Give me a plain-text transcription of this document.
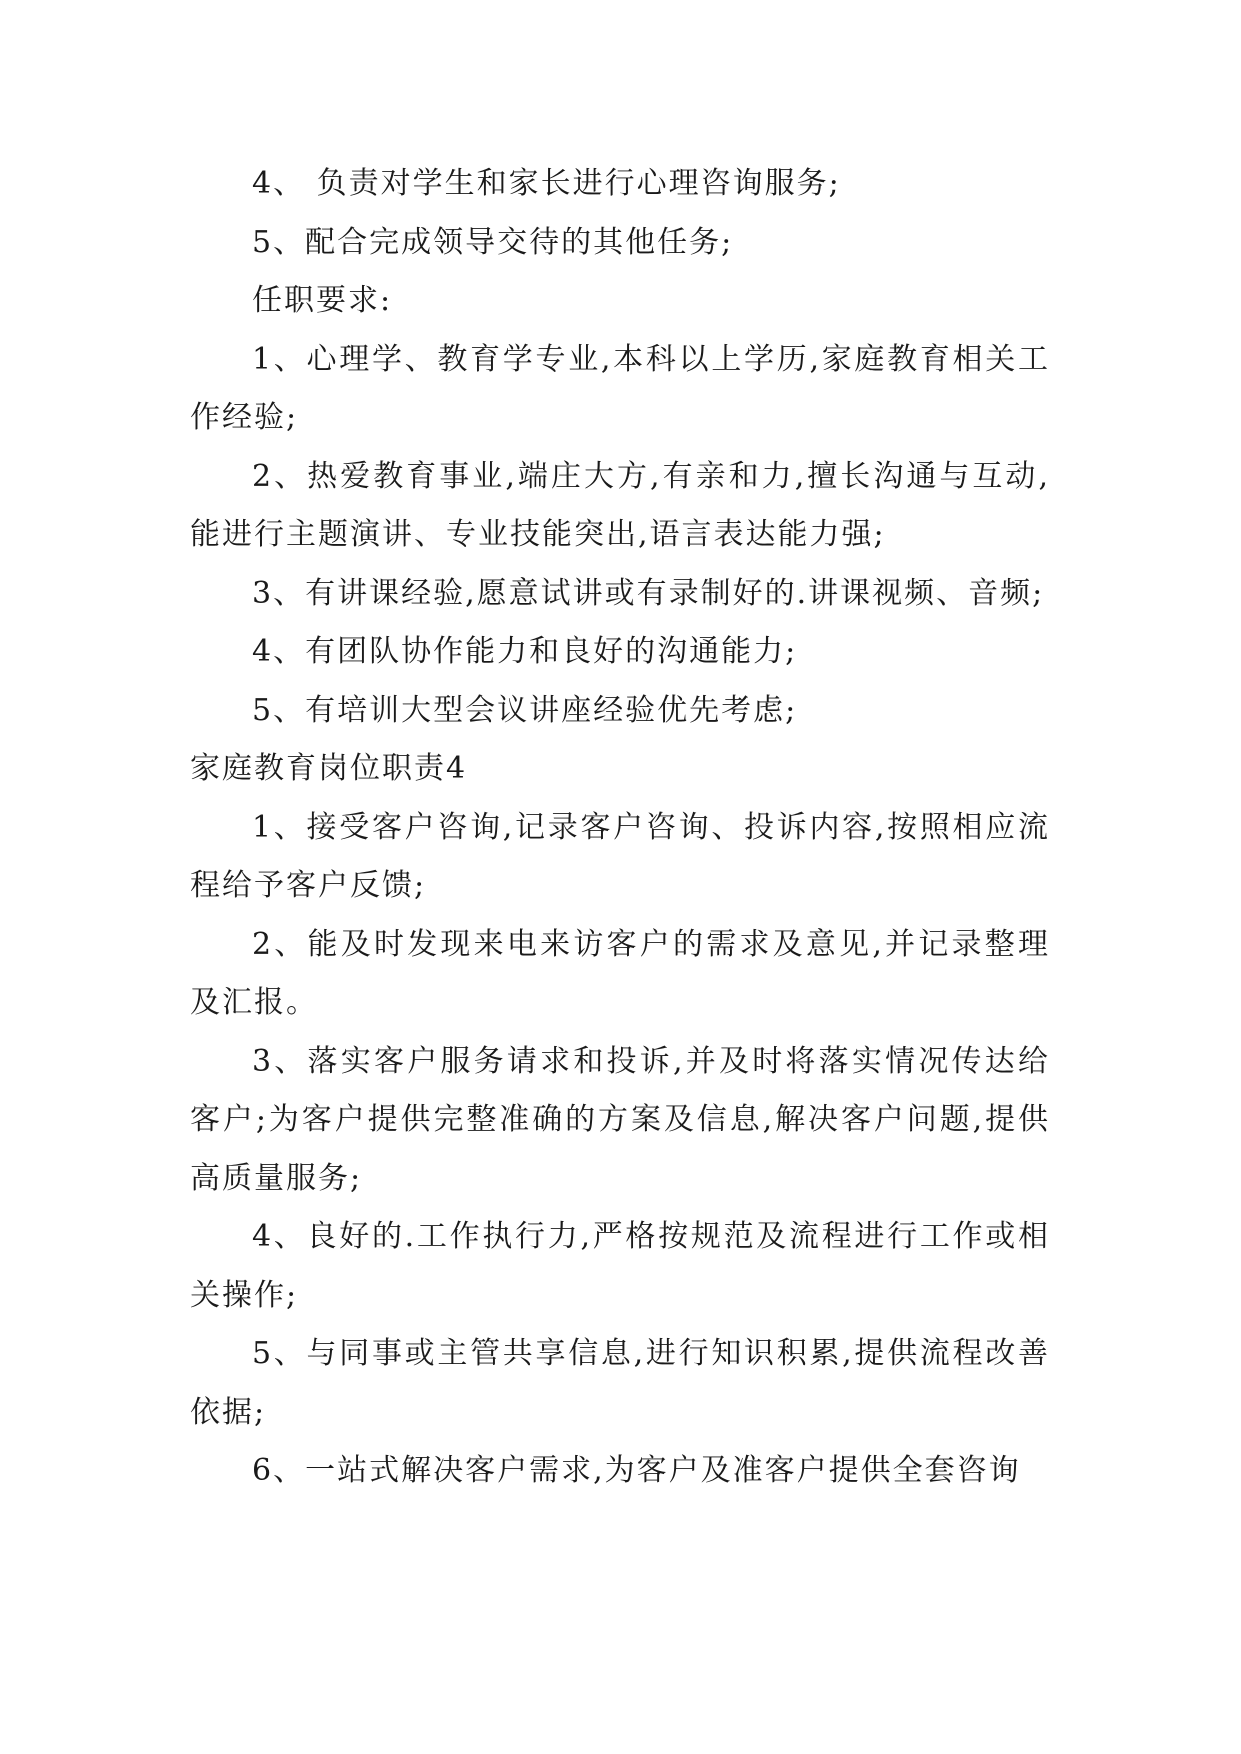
4、 负责对学生和家长进行心理咨询服务;

5、配合完成领导交待的其他任务;

任职要求:

1、心理学、教育学专业,本科以上学历,家庭教育相关工作经验;

2、热爱教育事业,端庄大方,有亲和力,擅长沟通与互动,能进行主题演讲、专业技能突出,语言表达能力强;

3、有讲课经验,愿意试讲或有录制好的.讲课视频、音频;

4、有团队协作能力和良好的沟通能力;

5、有培训大型会议讲座经验优先考虑;

家庭教育岗位职责4

1、接受客户咨询,记录客户咨询、投诉内容,按照相应流程给予客户反馈;

2、能及时发现来电来访客户的需求及意见,并记录整理及汇报。

3、落实客户服务请求和投诉,并及时将落实情况传达给客户;为客户提供完整准确的方案及信息,解决客户问题,提供高质量服务;

4、良好的.工作执行力,严格按规范及流程进行工作或相关操作;

5、与同事或主管共享信息,进行知识积累,提供流程改善依据;

6、一站式解决客户需求,为客户及准客户提供全套咨询
